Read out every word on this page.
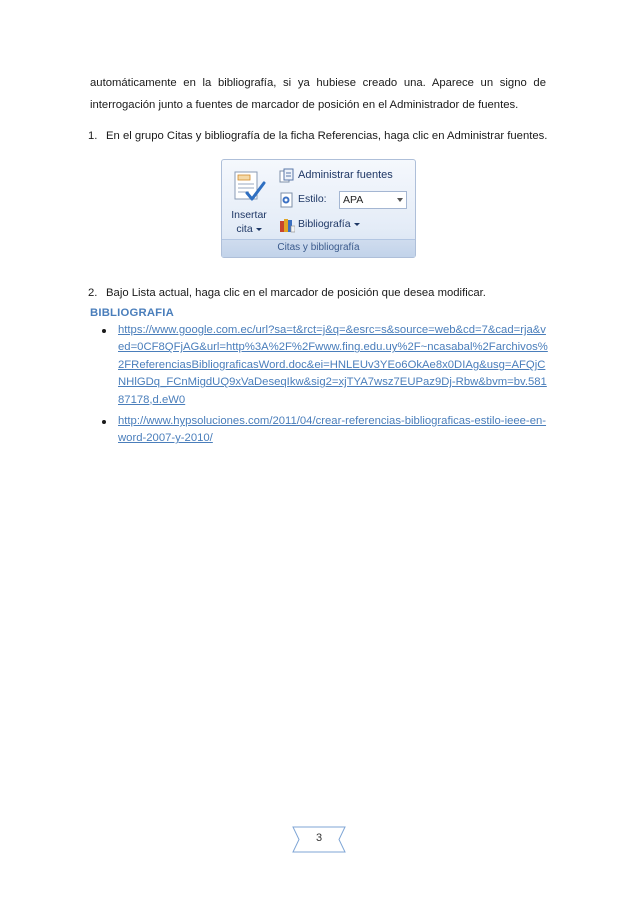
automáticamente en la bibliografía, si ya hubiese creado una. Aparece un signo de
interrogación junto a fuentes de marcador de posición en el Administrador de fuentes.
1. En el grupo Citas y bibliografía de la ficha Referencias, haga clic en Administrar fuentes.
Insertar
cita
Administrar fuentes
Estilo:	APA
Bibliografía
Citas y bibliografía
2. Bajo Lista actual, haga clic en el marcador de posición que desea modificar.
BIBLIOGRAFIA
https://www.google.com.ec/url?sa=t&rct=j&q=&esrc=s&source=web&cd=7&cad=rja&ved=0CF8QFjAG&url=http%3A%2F%2Fwww.fing.edu.uy%2F~ncasabal%2Farchivos%2FReferenciasBibliograficasWord.doc&ei=HNLEUv3YEo6OkAe8x0DIAg&usg=AFQjCNHlGDq_FCnMigdUQ9xVaDeseqIkw&sig2=xjTYA7wsz7EUPaz9Dj-Rbw&bvm=bv.58187178,d.eW0
http://www.hypsoluciones.com/2011/04/crear-referencias-bibliograficas-estilo-ieee-en-word-2007-y-2010/
3
